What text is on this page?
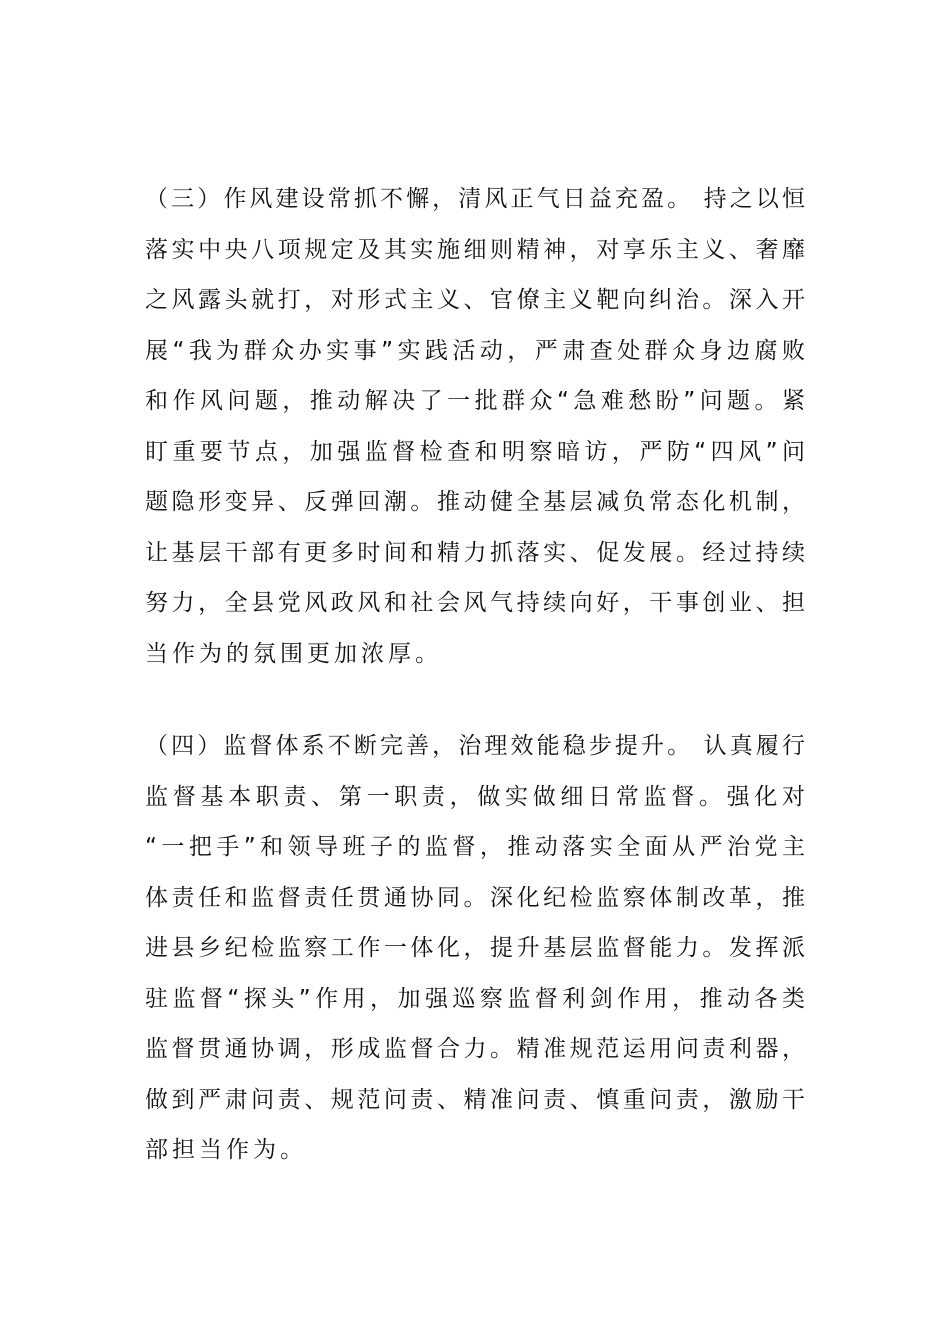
（三）作风建设常抓不懈，清风正气日益充盈。 持之以恒
落实中央八项规定及其实施细则精神，对享乐主义、奢靡
之风露头就打，对形式主义、官僚主义靶向纠治。深入开
展“我为群众办实事”实践活动，严肃查处群众身边腐败
和作风问题，推动解决了一批群众“急难愁盼”问题。紧
盯重要节点，加强监督检查和明察暗访，严防“四风”问
题隐形变异、反弹回潮。推动健全基层减负常态化机制，
让基层干部有更多时间和精力抓落实、促发展。经过持续
努力，全县党风政风和社会风气持续向好，干事创业、担
当作为的氛围更加浓厚。
（四）监督体系不断完善，治理效能稳步提升。 认真履行
监督基本职责、第一职责，做实做细日常监督。强化对
“一把手”和领导班子的监督，推动落实全面从严治党主
体责任和监督责任贯通协同。深化纪检监察体制改革，推
进县乡纪检监察工作一体化，提升基层监督能力。发挥派
驻监督“探头”作用，加强巡察监督利剑作用，推动各类
监督贯通协调，形成监督合力。精准规范运用问责利器，
做到严肃问责、规范问责、精准问责、慎重问责，激励干
部担当作为。
